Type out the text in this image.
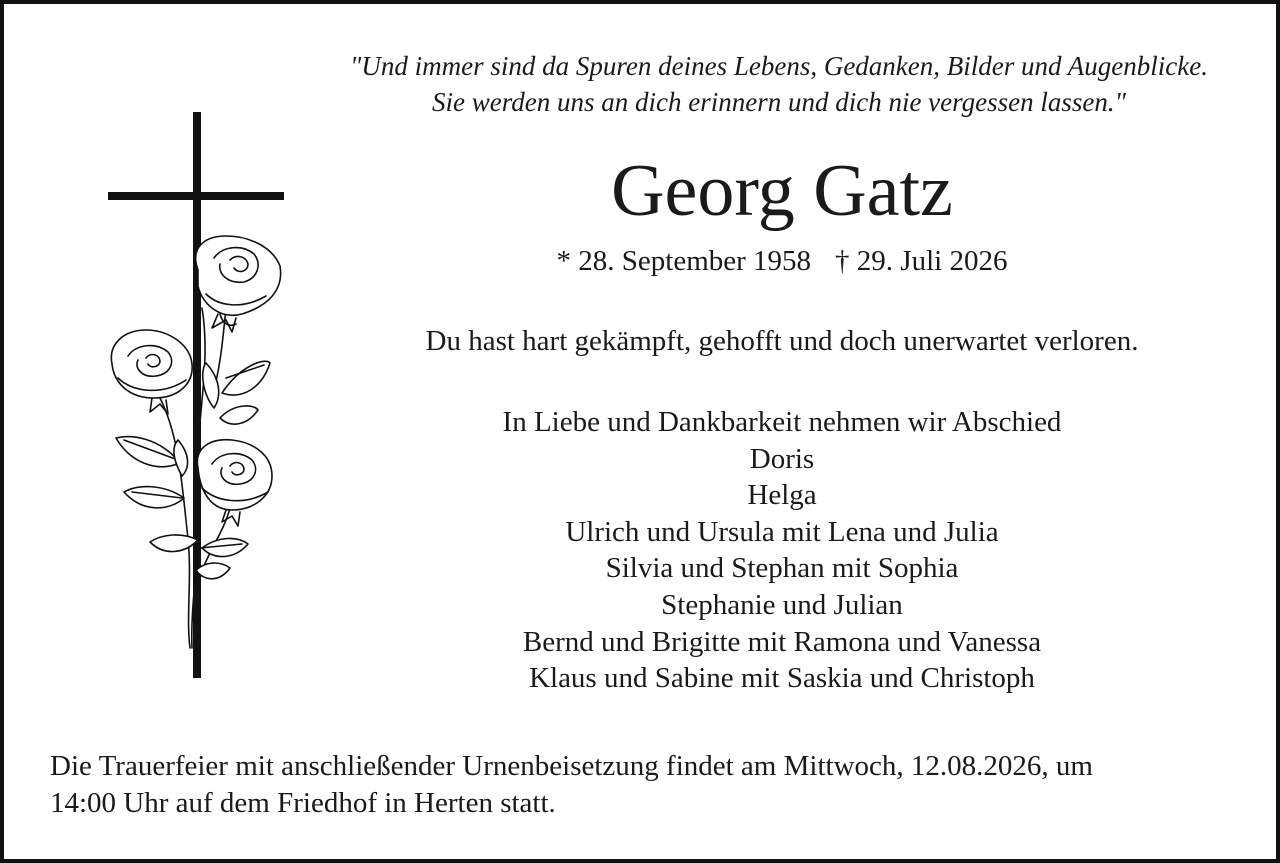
"Und immer sind da Spuren deines Lebens, Gedanken, Bilder und Augenblicke.
Sie werden uns an dich erinnern und dich nie vergessen lassen."
Georg Gatz
* 28. September 1958 † 29. Juli 2026
Du hast hart gekämpft, gehofft und doch unerwartet verloren.
In Liebe und Dankbarkeit nehmen wir Abschied
Doris
Helga
Ulrich und Ursula mit Lena und Julia
Silvia und Stephan mit Sophia
Stephanie und Julian
Bernd und Brigitte mit Ramona und Vanessa
Klaus und Sabine mit Saskia und Christoph
Die Trauerfeier mit anschließender Urnenbeisetzung findet am Mittwoch, 12.08.2026, um
14:00 Uhr auf dem Friedhof in Herten statt.
